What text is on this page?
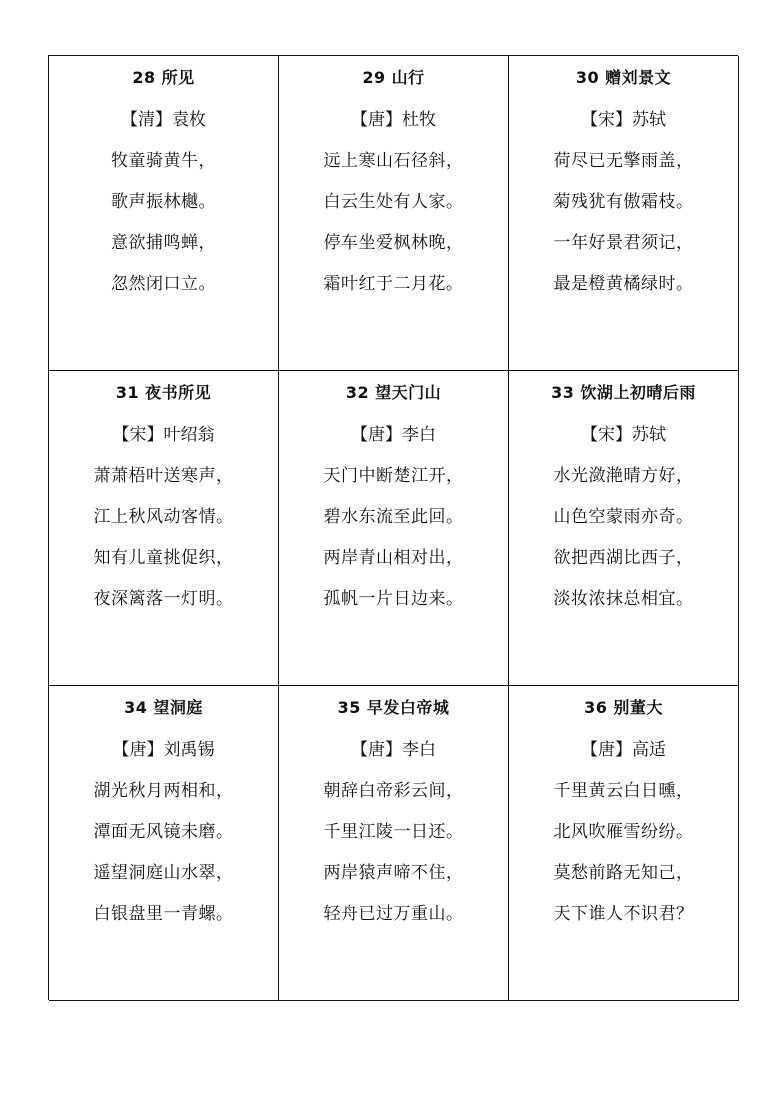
28 所见
【清】袁枚
牧童骑黄牛，
歌声振林樾。
意欲捕鸣蝉，
忽然闭口立。
29 山行
【唐】杜牧
远上寒山石径斜，
白云生处有人家。
停车坐爱枫林晚，
霜叶红于二月花。
30 赠刘景文
【宋】苏轼
荷尽已无擎雨盖，
菊残犹有傲霜枝。
一年好景君须记，
最是橙黄橘绿时。
31 夜书所见
【宋】叶绍翁
萧萧梧叶送寒声，
江上秋风动客情。
知有儿童挑促织，
夜深篱落一灯明。
32 望天门山
【唐】李白
天门中断楚江开，
碧水东流至此回。
两岸青山相对出，
孤帆一片日边来。
33 饮湖上初晴后雨
【宋】苏轼
水光潋滟晴方好，
山色空蒙雨亦奇。
欲把西湖比西子，
淡妆浓抹总相宜。
34 望洞庭
【唐】刘禹锡
湖光秋月两相和，
潭面无风镜未磨。
遥望洞庭山水翠，
白银盘里一青螺。
35 早发白帝城
【唐】李白
朝辞白帝彩云间，
千里江陵一日还。
两岸猿声啼不住，
轻舟已过万重山。
36 别董大
【唐】高适
千里黄云白日曛，
北风吹雁雪纷纷。
莫愁前路无知己，
天下谁人不识君？
